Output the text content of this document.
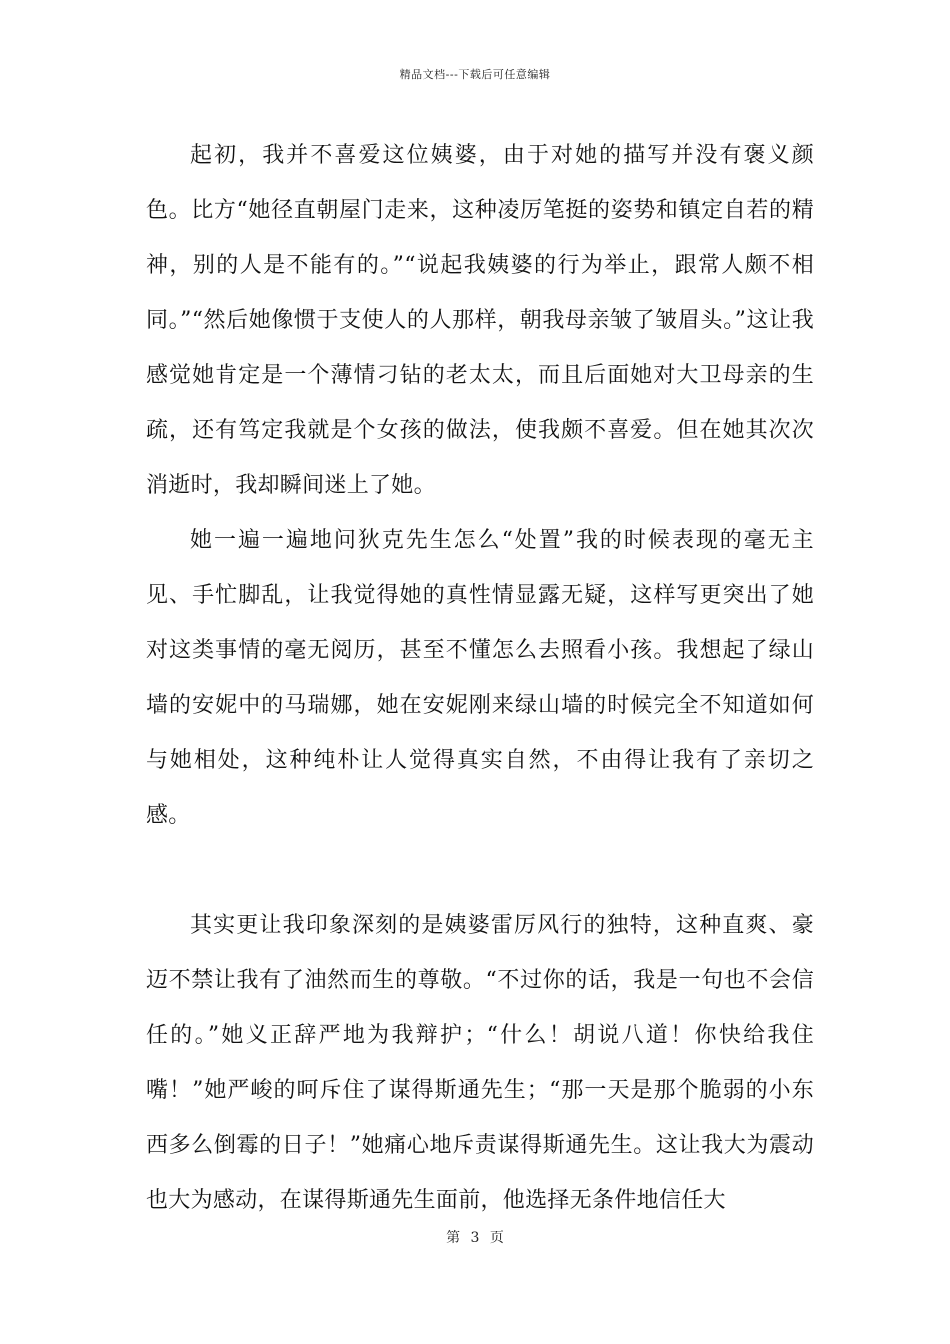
精品文档---下载后可任意编辑

起初，我并不喜爱这位姨婆，由于对她的描写并没有褒义颜色。比方“她径直朝屋门走来，这种凌厉笔挺的姿势和镇定自若的精神，别的人是不能有的。”“说起我姨婆的行为举止，跟常人颇不相同。”“然后她像惯于支使人的人那样，朝我母亲皱了皱眉头。”这让我感觉她肯定是一个薄情刁钻的老太太，而且后面她对大卫母亲的生疏，还有笃定我就是个女孩的做法，使我颇不喜爱。但在她其次次消逝时，我却瞬间迷上了她。

她一遍一遍地问狄克先生怎么“处置”我的时候表现的毫无主见、手忙脚乱，让我觉得她的真性情显露无疑，这样写更突出了她对这类事情的毫无阅历，甚至不懂怎么去照看小孩。我想起了绿山墙的安妮中的马瑞娜，她在安妮刚来绿山墙的时候完全不知道如何与她相处，这种纯朴让人觉得真实自然，不由得让我有了亲切之感。

其实更让我印象深刻的是姨婆雷厉风行的独特，这种直爽、豪迈不禁让我有了油然而生的尊敬。“不过你的话，我是一句也不会信任的。”她义正辞严地为我辩护；“什么！胡说八道！你快给我住嘴！”她严峻的呵斥住了谋得斯通先生；“那一天是那个脆弱的小东西多么倒霉的日子！”她痛心地斥责谋得斯通先生。这让我大为震动也大为感动，在谋得斯通先生面前，他选择无条件地信任大

第 3 页
